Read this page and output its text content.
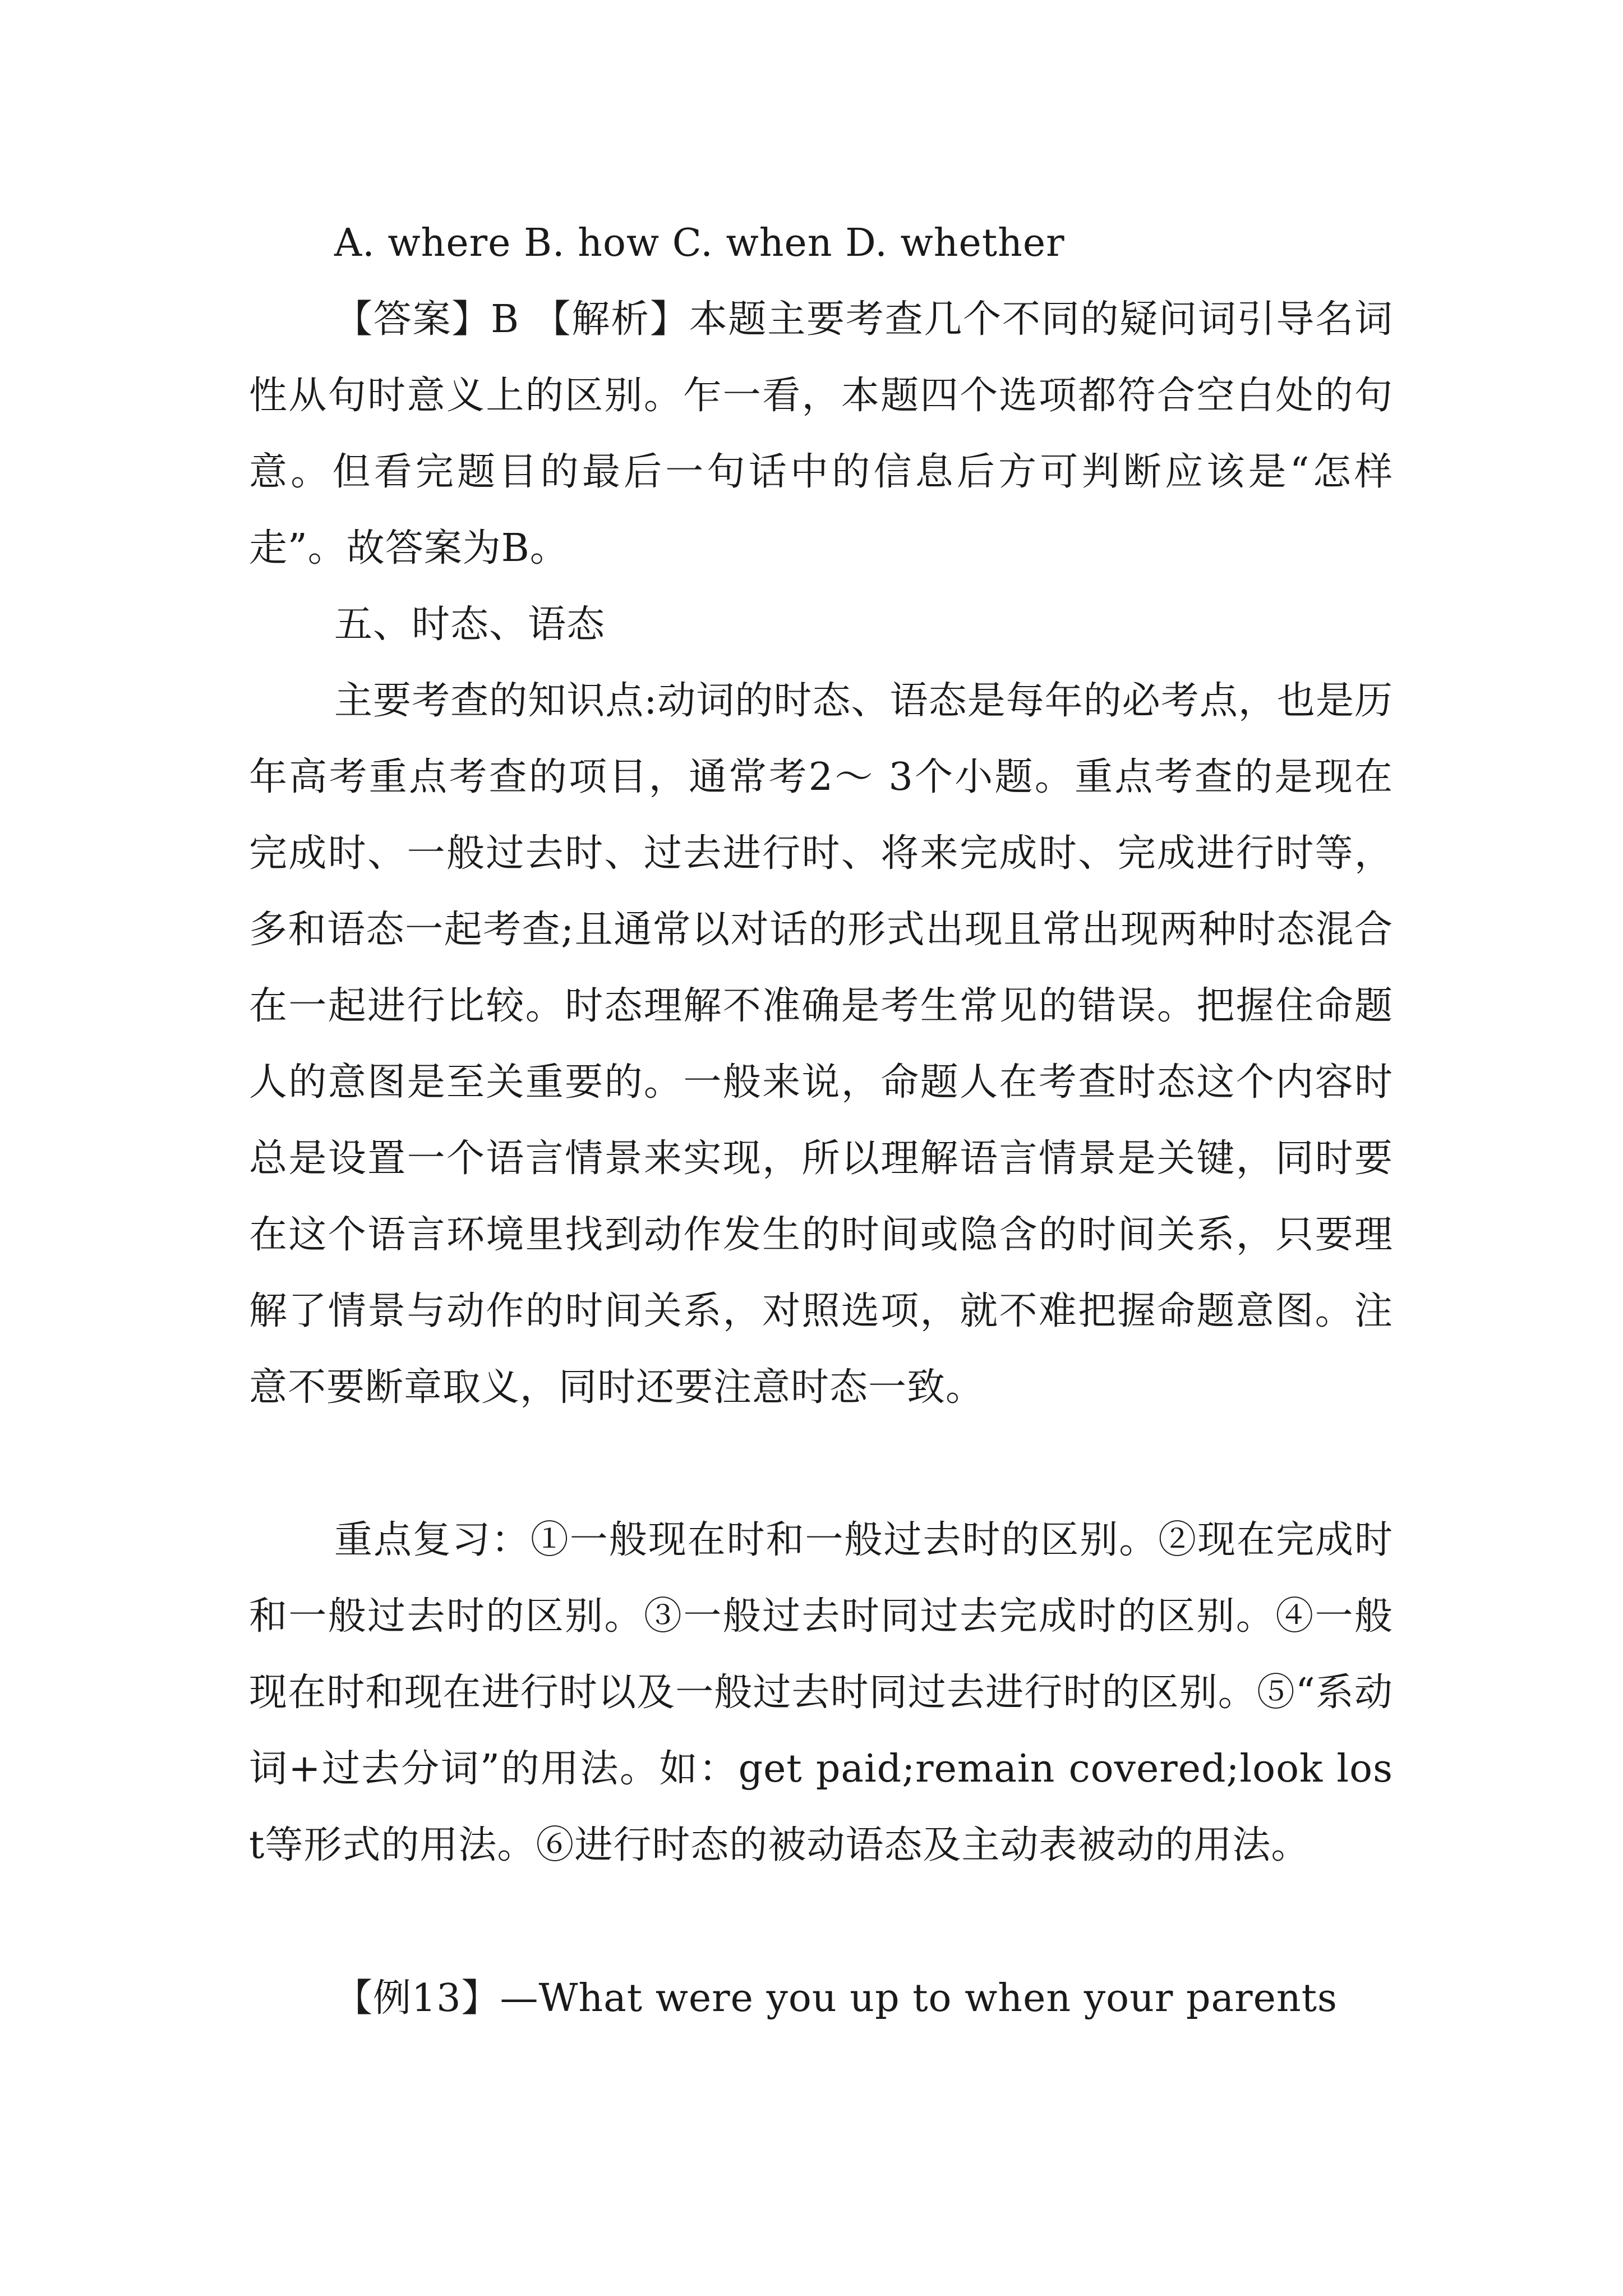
A. where B. how C. when D. whether

【答案】B 【解析】本题主要考查几个不同的疑问词引导名词性从句时意义上的区别。乍一看，本题四个选项都符合空白处的句意。但看完题目的最后一句话中的信息后方可判断应该是“怎样走”。故答案为B。

五、时态、语态

主要考查的知识点:动词的时态、语态是每年的必考点，也是历年高考重点考查的项目，通常考2～ 3个小题。重点考查的是现在完成时、一般过去时、过去进行时、将来完成时、完成进行时等，多和语态一起考查;且通常以对话的形式出现且常出现两种时态混合在一起进行比较。时态理解不准确是考生常见的错误。把握住命题人的意图是至关重要的。一般来说，命题人在考查时态这个内容时总是设置一个语言情景来实现，所以理解语言情景是关键，同时要在这个语言环境里找到动作发生的时间或隐含的时间关系，只要理解了情景与动作的时间关系，对照选项，就不难把握命题意图。注意不要断章取义，同时还要注意时态一致。

重点复习：①一般现在时和一般过去时的区别。②现在完成时和一般过去时的区别。③一般过去时同过去完成时的区别。④一般现在时和现在进行时以及一般过去时同过去进行时的区别。⑤“系动词+过去分词”的用法。如：get paid;remain covered;look lost等形式的用法。⑥进行时态的被动语态及主动表被动的用法。

【例13】—What were you up to when your parents
